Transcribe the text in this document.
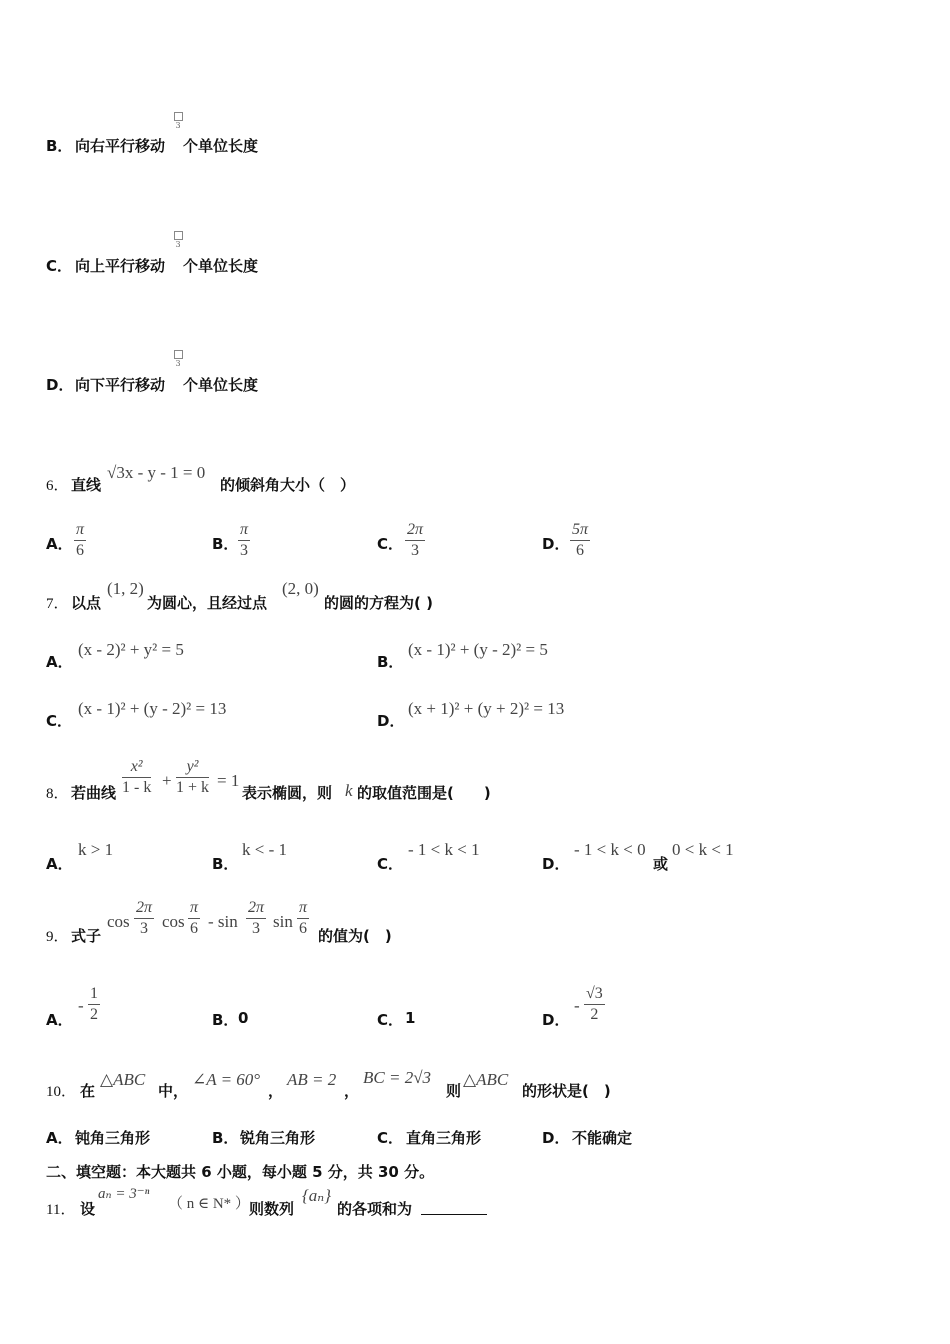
B． 向右平行移动
3
个单位长度
C． 向上平行移动
3
个单位长度
D． 向下平行移动
3
个单位长度
6． 直线
√3x - y - 1 = 0
的倾斜角大小（　）
A． $\frac{\pi}{6}$	B． $\frac{\pi}{3}$	C． $\frac{2\pi}{3}$	D． $\frac{5\pi}{6}$
7． 以点
(1, 2)
为圆心，且经过点
(2, 0)
的圆的方程为( )
A．
(x - 2)² + y² = 5
B．
(x - 1)² + (y - 2)² = 5
C．
(x - 1)² + (y - 2)² = 13
D．
(x + 1)² + (y + 2)² = 13
8． 若曲线 $\frac{\text{x²}}{1 - k} + \frac{\text{y²}}{1 + k} = 1$
表示椭圆，则 k 的取值范围是(　　)
A．
k > 1
B．
k < - 1
C．
- 1 < k < 1
D．
- 1 < k < 0
或
0 < k < 1
9． 式子
$\cos \frac{2\pi}{3}$ $\cos \frac{\pi}{6}$ - $\sin \frac{2\pi}{3}$ $\sin \frac{\pi}{6}$ 的值为(　)
A．
- $\frac{1}{2}$	B． 0	C． 1	D．
- $\frac{√3}{2}$
10． 在
△ABC
中，
∠A = 60°
，
AB = 2
，
BC = 2√3
则
△ABC
的形状是(　)
A． 钝角三角形	B． 锐角三角形	C． 直角三角形	D． 不能确定
二、填空题：本大题共 6 小题，每小题 5 分，共 30 分。
11． 设
aₙ = 3⁻ⁿ
（ n ∈ N* ） 则数列
{aₙ}
的各项和为
